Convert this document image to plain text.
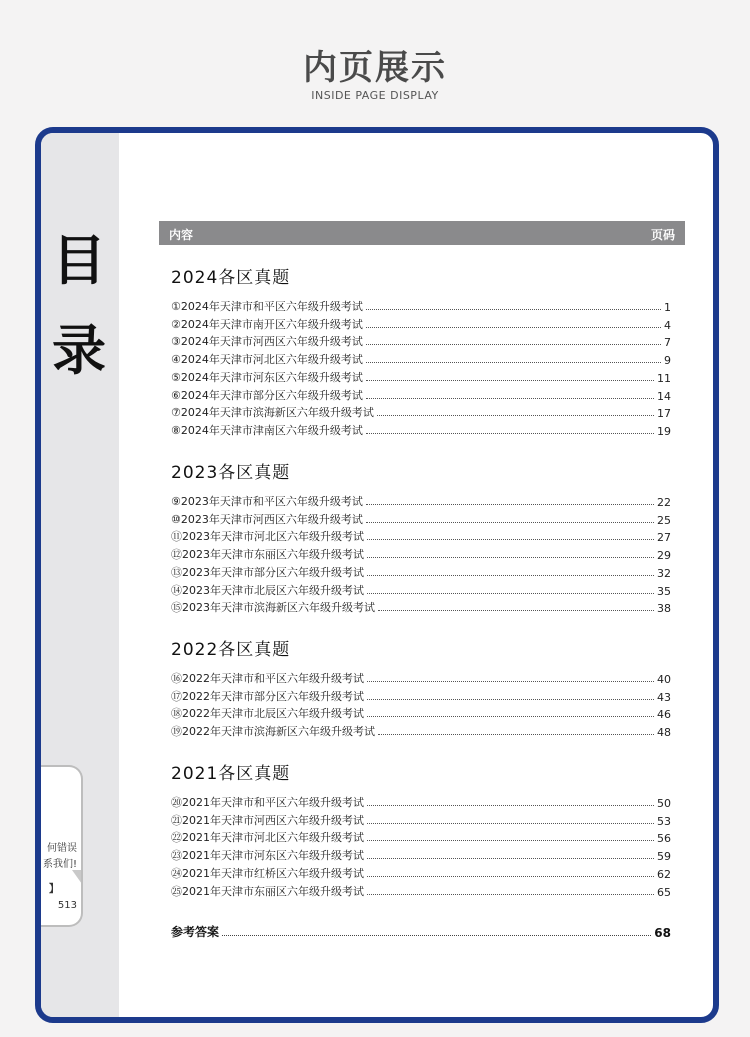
内页展示
INSIDE PAGE DISPLAY
目
录
何错误
系我们!
】
513
内容	页码
2024各区真题
①2024年天津市和平区六年级升级考试	1
②2024年天津市南开区六年级升级考试	4
③2024年天津市河西区六年级升级考试	7
④2024年天津市河北区六年级升级考试	9
⑤2024年天津市河东区六年级升级考试	11
⑥2024年天津市部分区六年级升级考试	14
⑦2024年天津市滨海新区六年级升级考试	17
⑧2024年天津市津南区六年级升级考试	19
2023各区真题
⑨2023年天津市和平区六年级升级考试	22
⑩2023年天津市河西区六年级升级考试	25
⑪2023年天津市河北区六年级升级考试	27
⑫2023年天津市东丽区六年级升级考试	29
⑬2023年天津市部分区六年级升级考试	32
⑭2023年天津市北辰区六年级升级考试	35
⑮2023年天津市滨海新区六年级升级考试	38
2022各区真题
⑯2022年天津市和平区六年级升级考试	40
⑰2022年天津市部分区六年级升级考试	43
⑱2022年天津市北辰区六年级升级考试	46
⑲2022年天津市滨海新区六年级升级考试	48
2021各区真题
⑳2021年天津市和平区六年级升级考试	50
㉑2021年天津市河西区六年级升级考试	53
㉒2021年天津市河北区六年级升级考试	56
㉓2021年天津市河东区六年级升级考试	59
㉔2021年天津市红桥区六年级升级考试	62
㉕2021年天津市东丽区六年级升级考试	65
参考答案	68
